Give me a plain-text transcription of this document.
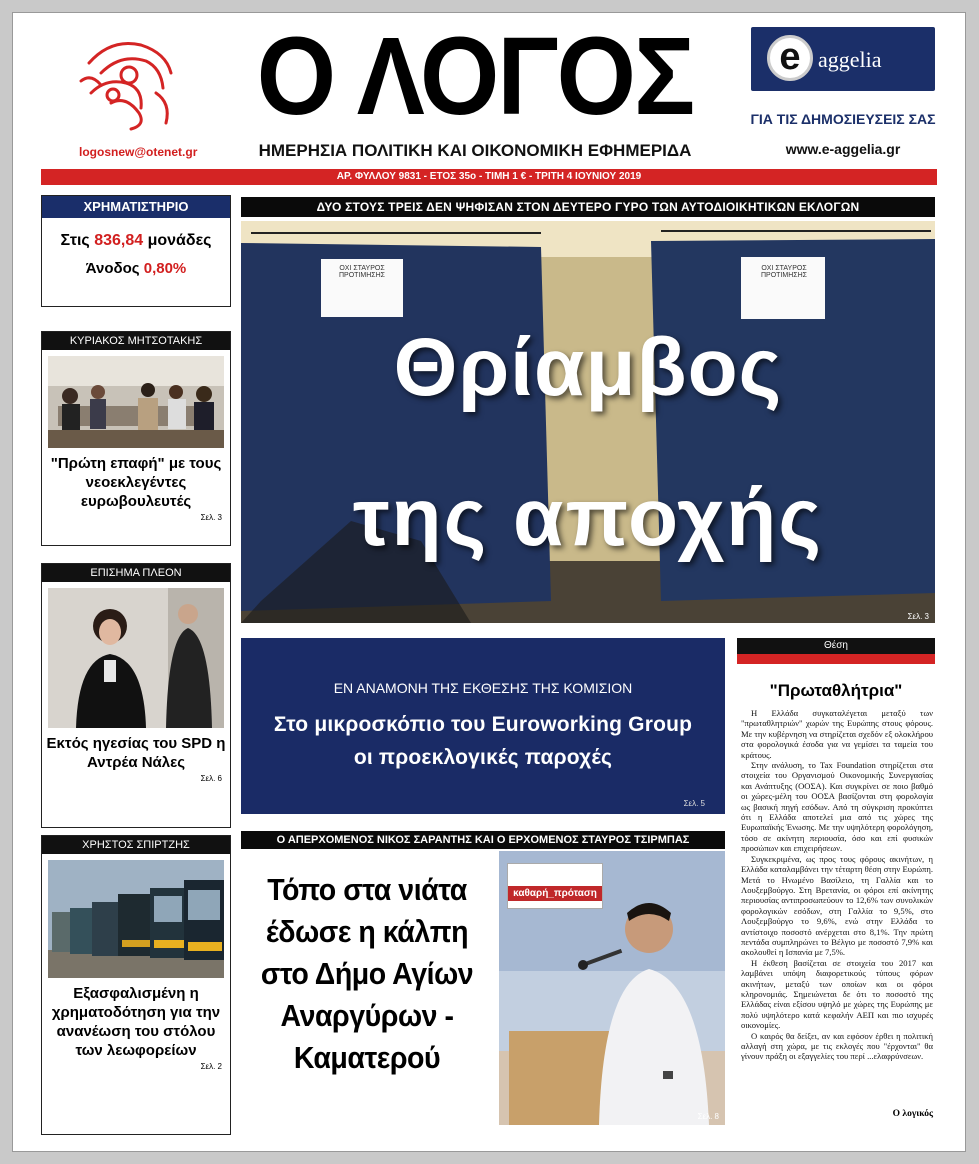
logosnew@otenet.gr
Ο ΛΟΓΟΣ
ΗΜΕΡΗΣΙΑ ΠΟΛΙΤΙΚΗ ΚΑΙ ΟΙΚΟΝΟΜΙΚΗ ΕΦΗΜΕΡΙΔΑ
e aggelia
ΓΙΑ ΤΙΣ ΔΗΜΟΣΙΕΥΣΕΙΣ ΣΑΣ
www.e-aggelia.gr
ΑΡ. ΦΥΛΛΟΥ 9831 - ΕΤΟΣ 35ο - ΤΙΜΗ 1 € - ΤΡΙΤΗ 4 ΙΟΥΝΙΟΥ 2019
ΧΡΗΜΑΤΙΣΤΗΡΙΟ
Στις 836,84 μονάδες
Άνοδος 0,80%
ΚΥΡΙΑΚΟΣ ΜΗΤΣΟΤΑΚΗΣ
"Πρώτη επαφή" με τους νεοεκλεγέντες ευρωβουλευτές
Σελ. 3
ΕΠΙΣΗΜΑ ΠΛΕΟΝ
Εκτός ηγεσίας του SPD η Αντρέα Νάλες
Σελ. 6
ΧΡΗΣΤΟΣ ΣΠΙΡΤΖΗΣ
Εξασφαλισμένη η χρηματοδότηση για την ανανέωση του στόλου των λεωφορείων
Σελ. 2
ΔΥΟ ΣΤΟΥΣ ΤΡΕΙΣ ΔΕΝ ΨΗΦΙΣΑΝ ΣΤΟΝ ΔΕΥΤΕΡΟ ΓΥΡΟ ΤΩΝ ΑΥΤΟΔΙΟΙΚΗΤΙΚΩΝ ΕΚΛΟΓΩΝ
ΟΧΙ ΣΤΑΥΡΟΣ ΠΡΟΤΙΜΗΣΗΣ
ΟΧΙ ΣΤΑΥΡΟΣ ΠΡΟΤΙΜΗΣΗΣ
Θρίαμβος
της αποχής
Σελ. 3
ΕΝ ΑΝΑΜΟΝΗ ΤΗΣ ΕΚΘΕΣΗΣ ΤΗΣ ΚΟΜΙΣΙΟΝ
Στο μικροσκόπιο του Euroworking Group οι προεκλογικές παροχές
Σελ. 5
Ο ΑΠΕΡΧΟΜΕΝΟΣ ΝΙΚΟΣ ΣΑΡΑΝΤΗΣ ΚΑΙ Ο ΕΡΧΟΜΕΝΟΣ ΣΤΑΥΡΟΣ ΤΣΙΡΜΠΑΣ
Τόπο στα νιάτα έδωσε η κάλπη στο Δήμο Αγίων Αναργύρων - Καματερού
καθαρή_πρόταση
Σελ. 8
Θέση
"Πρωταθλήτρια"

Η Ελλάδα συγκαταλέγεται μεταξύ των "πρωταθλητριών" χωρών της Ευρώπης στους φόρους. Με την κυβέρνηση να στηρίζεται σχεδόν εξ ολοκλήρου στα φορολογικά έσοδα για να γεμίσει τα ταμεία του κράτους.

Στην ανάλυση, το Tax Foundation στηρίζεται στα στοιχεία του Οργανισμού Οικονομικής Συνεργασίας και Ανάπτυξης (ΟΟΣΑ). Και συγκρίνει σε ποιο βαθμό οι χώρες-μέλη του ΟΟΣΑ βασίζονται στη φορολογία ως βασική πηγή εσόδων. Από τη σύγκριση προκύπτει ότι η Ελλάδα αποτελεί μια από τις χώρες της Ευρωπαϊκής Ένωσης. Με την υψηλότερη φορολόγηση, τόσο σε ακίνητη περιουσία, όσο και επί φυσικών προσώπων και επιχειρήσεων.

Συγκεκριμένα, ως προς τους φόρους ακινήτων, η Ελλάδα καταλαμβάνει την τέταρτη θέση στην Ευρώπη. Μετά το Ηνωμένο Βασίλειο, τη Γαλλία και το Λουξεμβούργο. Στη Βρετανία, οι φόροι επί ακίνητης περιουσίας αντιπροσωπεύουν το 12,6% των συνολικών φορολογικών εσόδων, στη Γαλλία το 9,5%, στο Λουξεμβούργο το 9,6%, ενώ στην Ελλάδα το αντίστοιχο ποσοστό ανέρχεται στο 8,1%. Την πρώτη πεντάδα συμπληρώνει το Βέλγιο με ποσοστό 7,9% και ακολουθεί η Ισπανία με 7,5%.

Η έκθεση βασίζεται σε στοιχεία του 2017 και λαμβάνει υπόψη διαφορετικούς τύπους φόρων ακινήτων, μεταξύ των οποίων και οι φόροι κληρονομιάς. Σημειώνεται δε ότι το ποσοστό της Ελλάδας είναι εξίσου υψηλό με χώρες της Ευρώπης με πολύ υψηλότερο κατά κεφαλήν ΑΕΠ και πιο ισχυρές οικονομίες.

Ο καιρός θα δείξει, αν και εφόσον έρθει η πολιτική αλλαγή στη χώρα, με τις εκλογές που "έρχονται" θα γίνουν πράξη οι εξαγγελίες του περί ...ελαφρύνσεων.

Ο λογικός
